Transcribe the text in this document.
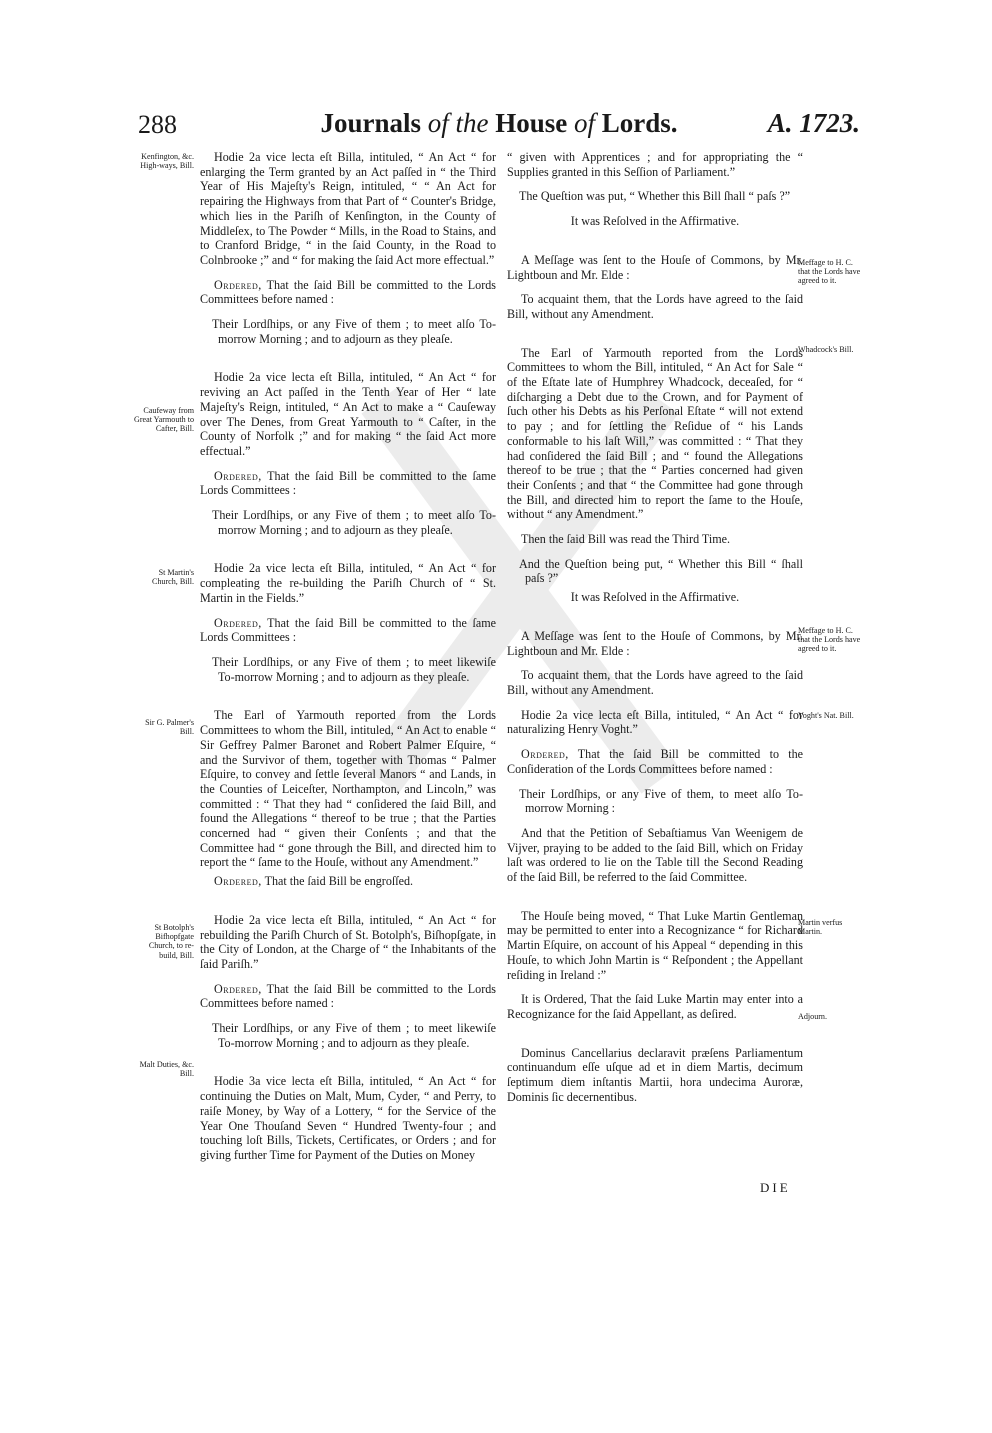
288	Journals of the House of Lords.	A. 1723.
Kenfington, &c. High-ways, Bill.
Caufeway from Great Yarmouth to Cafter, Bill.
St Martin's Church, Bill.
Sir G. Palmer's Bill.
St Botolph's Bifhopfgate Church, to re-build, Bill.
Malt Duties, &c. Bill.
Meffage to H. C. that the Lords have agreed to it.
Whadcock's Bill.
Meffage to H. C. that the Lords have agreed to it.
Voght's Nat. Bill.
Martin verfus Martin.
Adjourn.

Hodie 2a vice lecta eſt Billa, intituled, “ An Act “ for enlarging the Term granted by an Act paſſed in “ the Third Year of His Majeſty's Reign, intituled, “ “ An Act for repairing the Highways from that Part of “ Counter's Bridge, which lies in the Pariſh of Kenſington, in the County of Middleſex, to The Powder “ Mills, in the Road to Stains, and to Cranford Bridge, “ in the ſaid County, in the Road to Colnbrooke ;” and “ for making the ſaid Act more effectual.”

Ordered, That the ſaid Bill be committed to the Lords Committees before named :

Their Lordſhips, or any Five of them ; to meet alſo To-morrow Morning ; and to adjourn as they pleaſe.

Hodie 2a vice lecta eſt Billa, intituled, “ An Act “ for reviving an Act paſſed in the Tenth Year of Her “ late Majeſty's Reign, intituled, “ An Act to make a “ Cauſeway over The Denes, from Great Yarmouth to “ Caſter, in the County of Norfolk ;” and for making “ the ſaid Act more effectual.”

Ordered, That the ſaid Bill be committed to the ſame Lords Committees :

Their Lordſhips, or any Five of them ; to meet alſo To-morrow Morning ; and to adjourn as they pleaſe.

Hodie 2a vice lecta eſt Billa, intituled, “ An Act “ for compleating the re-building the Pariſh Church of “ St. Martin in the Fields.”

Ordered, That the ſaid Bill be committed to the ſame Lords Committees :

Their Lordſhips, or any Five of them ; to meet likewiſe To-morrow Morning ; and to adjourn as they pleaſe.

The Earl of Yarmouth reported from the Lords Committees to whom the Bill, intituled, “ An Act to enable “ Sir Geffrey Palmer Baronet and Robert Palmer Eſquire, “ and the Survivor of them, together with Thomas “ Palmer Eſquire, to convey and ſettle ſeveral Manors “ and Lands, in the Counties of Leiceſter, Northampton, and Lincoln,” was committed : “ That they had “ conſidered the ſaid Bill, and found the Allegations “ thereof to be true ; that the Parties concerned had “ given their Conſents ; and that the Committee had “ gone through the Bill, and directed him to report the “ ſame to the Houſe, without any Amendment.”

Ordered, That the ſaid Bill be engroſſed.

Hodie 2a vice lecta eſt Billa, intituled, “ An Act “ for rebuilding the Pariſh Church of St. Botolph's, Biſhopſgate, in the City of London, at the Charge of “ the Inhabitants of the ſaid Pariſh.”

Ordered, That the ſaid Bill be committed to the Lords Committees before named :

Their Lordſhips, or any Five of them ; to meet likewiſe To-morrow Morning ; and to adjourn as they pleaſe.

Hodie 3a vice lecta eſt Billa, intituled, “ An Act “ for continuing the Duties on Malt, Mum, Cyder, “ and Perry, to raiſe Money, by Way of a Lottery, “ for the Service of the Year One Thouſand Seven “ Hundred Twenty-four ; and touching loſt Bills, Tickets, Certificates, or Orders ; and for giving further Time for Payment of the Duties on Money

“ given with Apprentices ; and for appropriating the “ Supplies granted in this Seſſion of Parliament.”

The Queſtion was put, “ Whether this Bill ſhall “ paſs ?”

It was Reſolved in the Affirmative.

A Meſſage was ſent to the Houſe of Commons, by Mr. Lightboun and Mr. Elde :

To acquaint them, that the Lords have agreed to the ſaid Bill, without any Amendment.

The Earl of Yarmouth reported from the Lords Committees to whom the Bill, intituled, “ An Act for Sale “ of the Eſtate late of Humphrey Whadcock, deceaſed, for “ diſcharging a Debt due to the Crown, and for Payment of ſuch other his Debts as his Perſonal Eſtate “ will not extend to pay ; and for ſettling the Reſidue of “ his Lands conformable to his laſt Will,” was committed : “ That they had conſidered the ſaid Bill ; and “ found the Allegations thereof to be true ; that the “ Parties concerned had given their Conſents ; and that “ the Committee had gone through the Bill, and directed him to report the ſame to the Houſe, without “ any Amendment.”

Then the ſaid Bill was read the Third Time.

And the Queſtion being put, “ Whether this Bill “ ſhall paſs ?”

It was Reſolved in the Affirmative.

A Meſſage was ſent to the Houſe of Commons, by Mr. Lightboun and Mr. Elde :

To acquaint them, that the Lords have agreed to the ſaid Bill, without any Amendment.

Hodie 2a vice lecta eſt Billa, intituled, “ An Act “ for naturalizing Henry Voght.”

Ordered, That the ſaid Bill be committed to the Conſideration of the Lords Committees before named :

Their Lordſhips, or any Five of them, to meet alſo To-morrow Morning :

And that the Petition of Sebaſtiamus Van Weenigem de Vijver, praying to be added to the ſaid Bill, which on Friday laſt was ordered to lie on the Table till the Second Reading of the ſaid Bill, be referred to the ſaid Committee.

The Houſe being moved, “ That Luke Martin Gentleman may be permitted to enter into a Recognizance “ for Richard Martin Eſquire, on account of his Appeal “ depending in this Houſe, to which John Martin is “ Reſpondent ; the Appellant reſiding in Ireland :”

It is Ordered, That the ſaid Luke Martin may enter into a Recognizance for the ſaid Appellant, as deſired.

Dominus Cancellarius declaravit præſens Parliamentum continuandum eſſe uſque ad et in diem Martis, decimum ſeptimum diem inſtantis Martii, hora undecima Auroræ, Dominis ſic decernentibus.

DIE
